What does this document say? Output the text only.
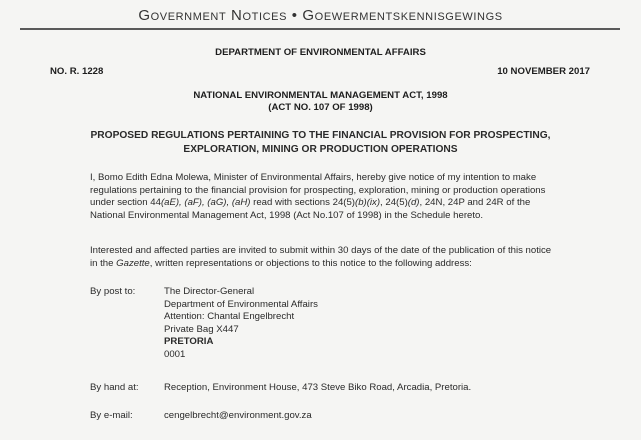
Government Notices • Goewermentskennisgewings
DEPARTMENT OF ENVIRONMENTAL AFFAIRS
NO. R. 1228	10 NOVEMBER 2017
NATIONAL ENVIRONMENTAL MANAGEMENT ACT, 1998
(ACT NO. 107 OF 1998)
PROPOSED REGULATIONS PERTAINING TO THE FINANCIAL PROVISION FOR PROSPECTING,
EXPLORATION, MINING OR PRODUCTION OPERATIONS
I, Bomo Edith Edna Molewa, Minister of Environmental Affairs, hereby give notice of my intention to make regulations pertaining to the financial provision for prospecting, exploration, mining or production operations under section 44(aE), (aF), (aG), (aH) read with sections 24(5)(b)(ix), 24(5)(d), 24N, 24P and 24R of the National Environmental Management Act, 1998 (Act No.107 of 1998) in the Schedule hereto.
Interested and affected parties are invited to submit within 30 days of the date of the publication of this notice in the Gazette, written representations or objections to this notice to the following address:
By post to:	The Director-General
Department of Environmental Affairs
Attention: Chantal Engelbrecht
Private Bag X447
PRETORIA
0001
By hand at:	Reception, Environment House, 473 Steve Biko Road, Arcadia, Pretoria.
By e-mail:	cengelbrecht@environment.gov.za
